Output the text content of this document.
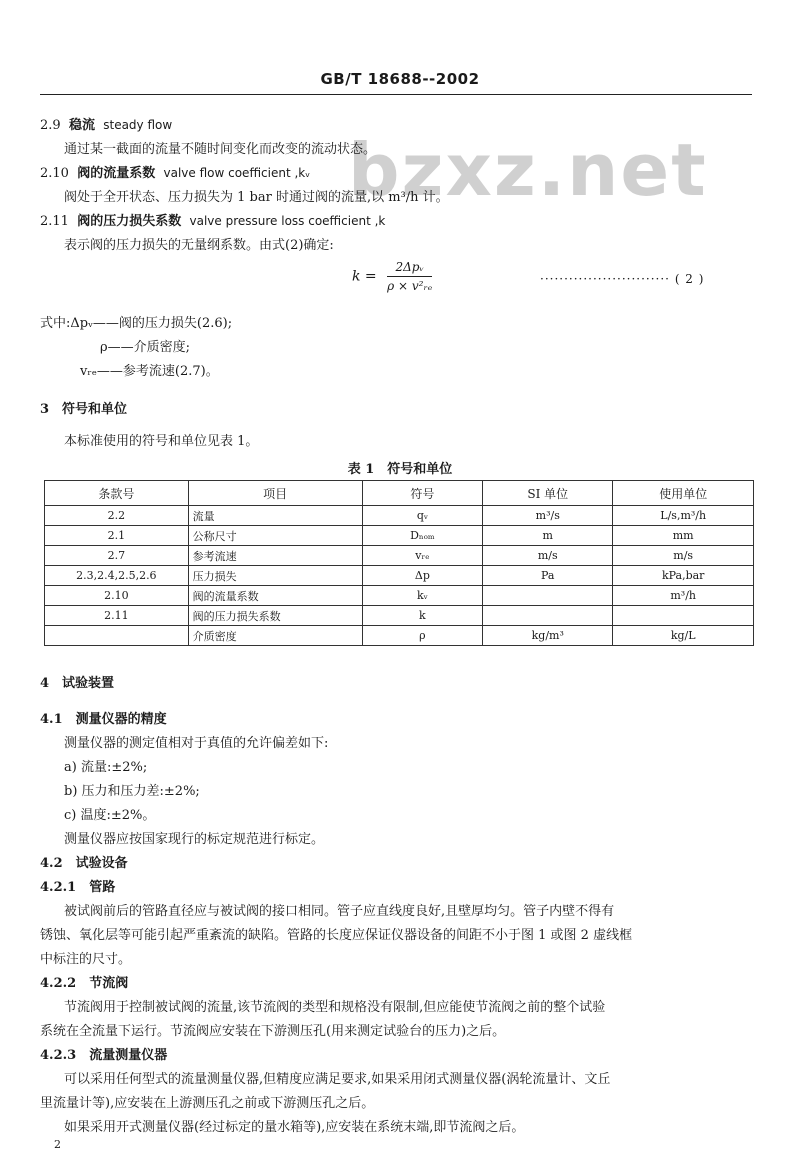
GB/T 18688--2002
bzxz.net
2.9 稳流 steady flow
通过某一截面的流量不随时间变化而改变的流动状态。
2.10 阀的流量系数 valve flow coefficient ,kᵥ
阀处于全开状态、压力损失为 1 bar 时通过阀的流量,以 m³/h 计。
2.11 阀的压力损失系数 valve pressure loss coefficient ,k
表示阀的压力损失的无量纲系数。由式(2)确定:
$k = \frac{\text{2Δpᵥ}}{\text{ρ × v²ᵣₑ}}$	··························· ( 2 )
式中:Δpᵥ——阀的压力损失(2.6);
ρ——介质密度;
vᵣₑ——参考流速(2.7)。
3　符号和单位
本标准使用的符号和单位见表 1。
表 1　符号和单位
条款号	项目	符号	SI 单位	使用单位
2.2	流量	qᵥ	m³/s	L/s,m³/h
2.1	公称尺寸	Dₙₒₘ	m	mm
2.7	参考流速	vᵣₑ	m/s	m/s
2.3,2.4,2.5,2.6	压力损失	Δp	Pa	kPa,bar
2.10	阀的流量系数	kᵥ		m³/h
2.11	阀的压力损失系数	k		
	介质密度	ρ	kg/m³	kg/L
4　试验装置
4.1　测量仪器的精度
测量仪器的测定值相对于真值的允许偏差如下:
a) 流量:±2%;
b) 压力和压力差:±2%;
c) 温度:±2%。
测量仪器应按国家现行的标定规范进行标定。
4.2　试验设备
4.2.1　管路
被试阀前后的管路直径应与被试阀的接口相同。管子应直线度良好,且壁厚均匀。管子内壁不得有
锈蚀、氧化层等可能引起严重紊流的缺陷。管路的长度应保证仪器设备的间距不小于图 1 或图 2 虚线框
中标注的尺寸。
4.2.2　节流阀
节流阀用于控制被试阀的流量,该节流阀的类型和规格没有限制,但应能使节流阀之前的整个试验
系统在全流量下运行。节流阀应安装在下游测压孔(用来测定试验台的压力)之后。
4.2.3　流量测量仪器
可以采用任何型式的流量测量仪器,但精度应满足要求,如果采用闭式测量仪器(涡轮流量计、文丘
里流量计等),应安装在上游测压孔之前或下游测压孔之后。
如果采用开式测量仪器(经过标定的量水箱等),应安装在系统末端,即节流阀之后。
2
